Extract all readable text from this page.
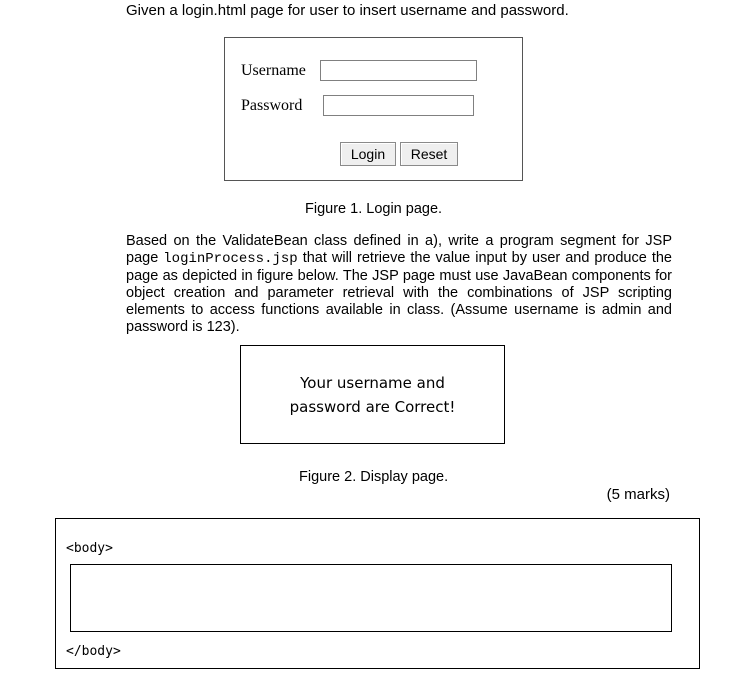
Given a login.html page for user to insert username and password.
Username
Password
Login	Reset
Figure 1. Login page.
Based on the ValidateBean class defined in a), write a program segment for JSP page loginProcess.jsp that will retrieve the value input by user and produce the page as depicted in figure below. The JSP page must use JavaBean components for object creation and parameter retrieval with the combinations of JSP scripting elements to access functions available in class. (Assume username is admin and password is 123).
Your username and
password are Correct!
Figure 2. Display page.
(5 marks)
<body>
</body>
